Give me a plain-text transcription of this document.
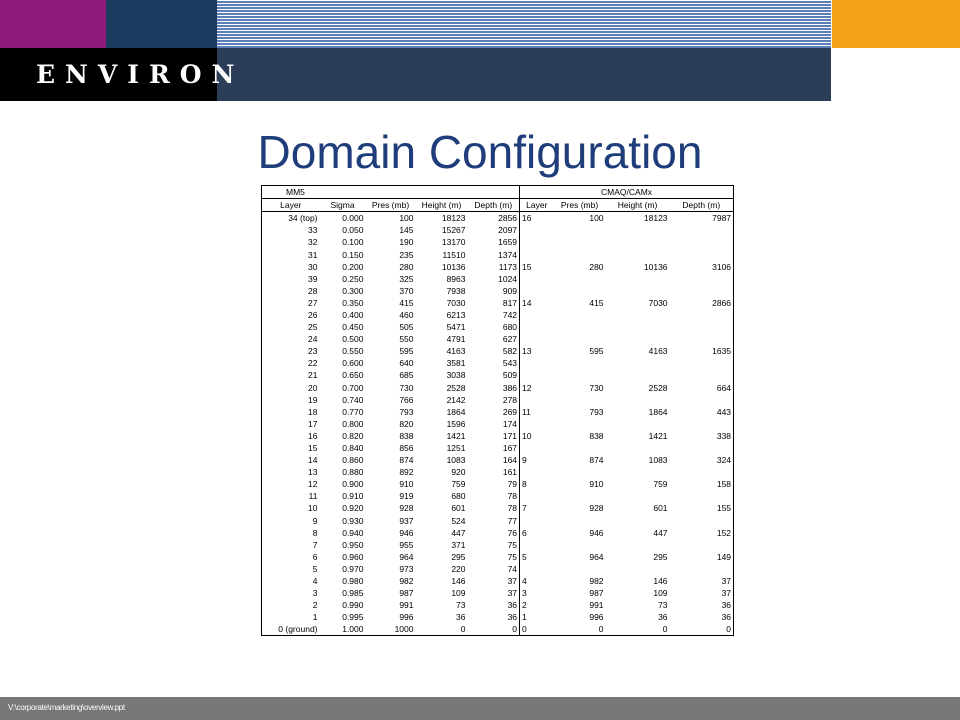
ENVIRON
Domain Configuration
MM5					CMAQ/CAMx			
Layer	Sigma	Pres (mb)	Height (m)	Depth (m)	Layer	Pres (mb)	Height (m)	Depth (m)
34 (top)	0.000	100	18123	2856	16	100	18123	7987
33	0.050	145	15267	2097				
32	0.100	190	13170	1659				
31	0.150	235	11510	1374				
30	0.200	280	10136	1173	15	280	10136	3106
39	0.250	325	8963	1024				
28	0.300	370	7938	909				
27	0.350	415	7030	817	14	415	7030	2866
26	0.400	460	6213	742				
25	0.450	505	5471	680				
24	0.500	550	4791	627				
23	0.550	595	4163	582	13	595	4163	1635
22	0.600	640	3581	543				
21	0.650	685	3038	509				
20	0.700	730	2528	386	12	730	2528	664
19	0.740	766	2142	278				
18	0.770	793	1864	269	11	793	1864	443
17	0.800	820	1596	174				
16	0.820	838	1421	171	10	838	1421	338
15	0.840	856	1251	167				
14	0.860	874	1083	164	9	874	1083	324
13	0.880	892	920	161				
12	0.900	910	759	79	8	910	759	158
11	0.910	919	680	78				
10	0.920	928	601	78	7	928	601	155
9	0.930	937	524	77				
8	0.940	946	447	76	6	946	447	152
7	0.950	955	371	75				
6	0.960	964	295	75	5	964	295	149
5	0.970	973	220	74				
4	0.980	982	146	37	4	982	146	37
3	0.985	987	109	37	3	987	109	37
2	0.990	991	73	36	2	991	73	36
1	0.995	996	36	36	1	996	36	36
0 (ground)	1.000	1000	0	0	0	0	0	0
V:\corporate\marketing\overview.ppt
